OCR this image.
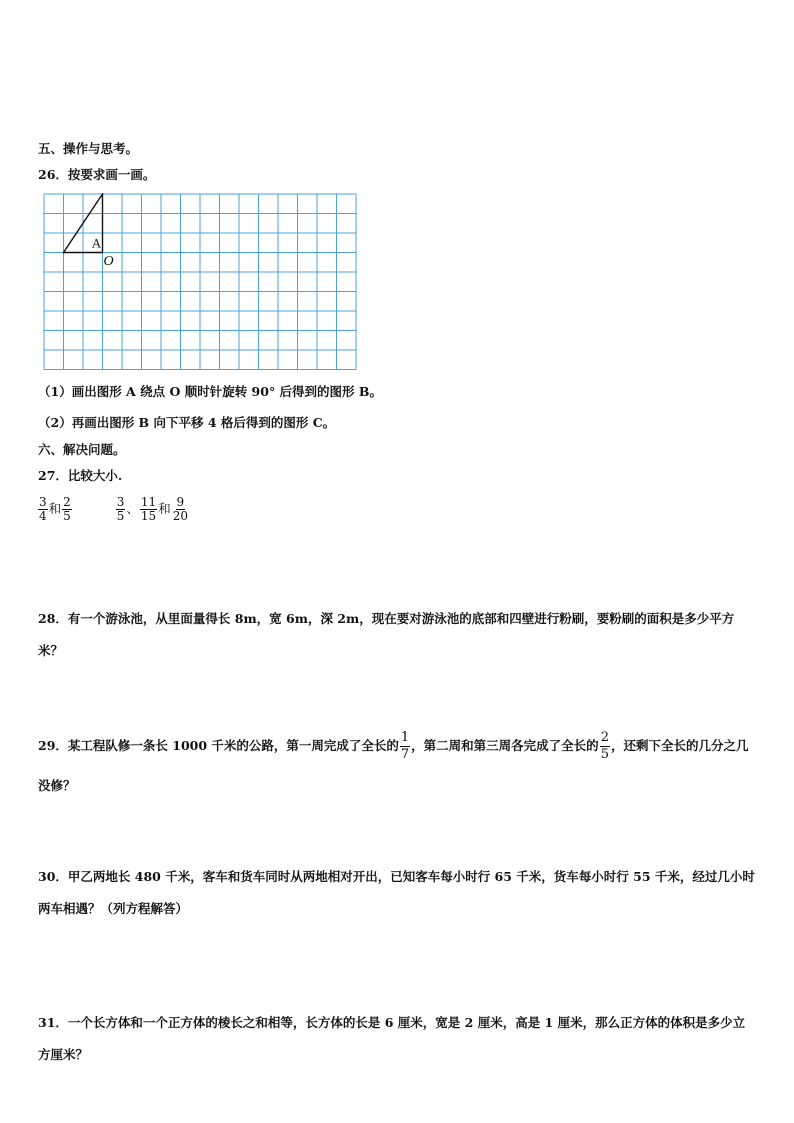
五、操作与思考。
26．按要求画一画。
A
O
（1）画出图形 A 绕点 O 顺时针旋转 90° 后得到的图形 B。
（2）再画出图形 B 向下平移 4 格后得到的图形 C。
六、解决问题。
27．比较大小.
$\frac{3}{4}$ 和 $\frac{2}{5}$
	$\frac{3}{5}$ 、 $\frac{11}{15}$ 和 $\frac{9}{20}$
28．有一个游泳池，从里面量得长 8m，宽 6m，深 2m，现在要对游泳池的底部和四壁进行粉刷，要粉刷的面积是多少平方米？
29．某工程队修一条长 1000 千米的公路，第一周完成了全长的 $\frac{1}{7}$ ，第二周和第三周各完成了全长的 $\frac{2}{5}$ ，还剩下全长的几分之几没修？
30．甲乙两地长 480 千米，客车和货车同时从两地相对开出，已知客车每小时行 65 千米，货车每小时行 55 千米，经过几小时两车相遇？（列方程解答）
31．一个长方体和一个正方体的棱长之和相等，长方体的长是 6 厘米，宽是 2 厘米，高是 1 厘米，那么正方体的体积是多少立方厘米？
